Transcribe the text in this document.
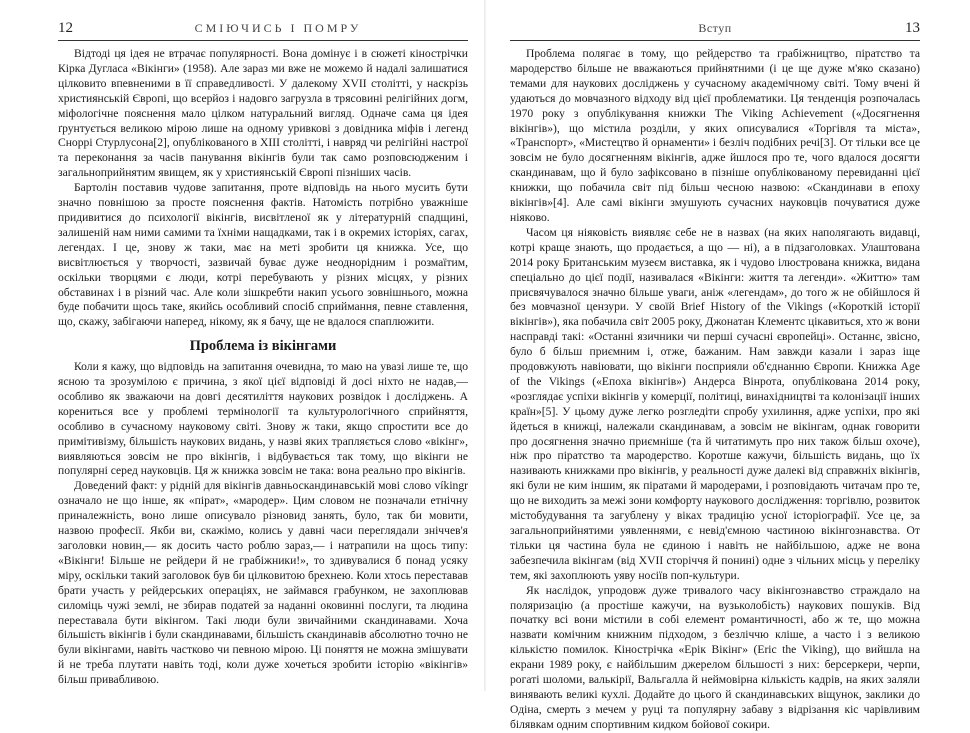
12	СМІЮЧИСЬ І ПОМРУ

Відтоді ця ідея не втрачає популярності. Вона домінує і в сюжеті кінострічки Кірка Дугласа «Вікінги» (1958). Але зараз ми вже не можемо й надалі залишатися цілковито впевненими в її справедливості. У далекому XVII столітті, у наскрізь християнській Європі, що всерйоз і надовго загрузла в трясовині релігійних догм, міфологічне пояснення мало цілком натуральний вигляд. Одначе сама ця ідея ґрунтується великою мірою лише на одному уривкові з довідника міфів і легенд Сноррі Стурлусона[2], опублікованого в XIII столітті, і навряд чи релігійні настрої та переконання за часів панування вікінгів були так само розповсюдженим і загальноприйнятим явищем, як у християнській Європі пізніших часів.

Бартолін поставив чудове запитання, проте відповідь на нього мусить бути значно повнішою за просте пояснення фактів. Натомість потрібно уважніше придивитися до психології вікінгів, висвітленої як у літературній спадщині, залишеній нам ними самими та їхніми нащадками, так і в окремих історіях, сагах, легендах. І це, знову ж таки, має на меті зробити ця книжка. Усе, що висвітлюється у творчості, зазвичай буває дуже неоднорідним і розмаїтим, оскільки творцями є люди, котрі перебувають у різних місцях, у різних обставинах і в різний час. Але коли зішкребти накип усього зовнішнього, можна буде побачити щось таке, якийсь особливий спосіб сприймання, певне ставлення, що, скажу, забігаючи наперед, нікому, як я бачу, ще не вдалося спаплюжити.

Проблема із вікінгами

Коли я кажу, що відповідь на запитання очевидна, то маю на увазі лише те, що ясною та зрозумілою є причина, з якої цієї відповіді й досі ніхто не надав,— особливо як зважаючи на довгі десятиліття наукових розвідок і досліджень. А корениться все у проблемі термінології та культурологічного сприйняття, особливо в сучасному науковому світі. Знову ж таки, якщо спростити все до примітивізму, більшість наукових видань, у назві яких трапляється слово «вікінг», виявляються зовсім не про вікінгів, і відбувається так тому, що вікінги не популярні серед науковців. Ця ж книжка зовсім не така: вона реально про вікінгів.

Доведений факт: у рідній для вікінгів давньоскандинавській мові слово víkingr означало не що інше, як «пірат», «мародер». Цим словом не позначали етнічну приналежність, воно лише описувало різновид занять, було, так би мовити, назвою професії. Якби ви, скажімо, колись у давні часи переглядали зніччев'я заголовки новин,— як досить часто роблю зараз,— і натрапили на щось типу: «Вікінги! Більше не рейдери й не грабіжники!», то здивувалися б понад усяку міру, оскільки такий заголовок був би цілковитою брехнею. Коли хтось переставав брати участь у рейдерських операціях, не займався грабунком, не захоплював силоміць чужі землі, не збирав податей за наданні оковинні послуги, та людина переставала бути вікінгом. Такі люди були звичайними скандинавами. Хоча більшість вікінгів і були скандинавами, більшість скандинавів абсолютно точно не були вікінгами, навіть частково чи певною мірою. Ці поняття не можна змішувати й не треба плутати навіть тоді, коли дуже хочеться зробити історію «вікінгів» більш привабливою.

Вступ	13

Проблема полягає в тому, що рейдерство та грабіжництво, піратство та мародерство більше не вважаються прийнятними (і це ще дуже м'яко сказано) темами для наукових досліджень у сучасному академічному світі. Тому вчені й удаються до мовчазного відходу від цієї проблематики. Ця тенденція розпочалась 1970 року з опублікування книжки The Viking Achievement («Досягнення вікінгів»), що містила розділи, у яких описувалися «Торгівля та міста», «Транспорт», «Мистецтво й орнаменти» і безліч подібних речі[3]. От тільки все це зовсім не було досягненням вікінгів, адже йшлося про те, чого вдалося досягти скандинавам, що й було зафіксовано в пізніше опублікованому перевиданні цієї книжки, що побачила світ під більш чесною назвою: «Скандинави в епоху вікінгів»[4]. Але самі вікінги змушують сучасних науковців почуватися дуже ніяково.

Часом ця ніяковість виявляє себе не в назвах (на яких наполягають видавці, котрі краще знають, що продається, а що — ні), а в підзаголовках. Улаштована 2014 року Британським музеєм виставка, як і чудово ілюстрована книжка, видана спеціально до цієї події, називалася «Вікінги: життя та легенди». «Життю» там присвячувалося значно більше уваги, аніж «легендам», до того ж не обійшлося й без мовчазної цензури. У своїй Brief History of the Vikings («Короткій історії вікінгів»), яка побачила світ 2005 року, Джонатан Клементс цікавиться, хто ж вони насправді такі: «Останні язичники чи перші сучасні європейці». Останнє, звісно, було б більш приємним і, отже, бажаним. Нам завжди казали і зараз іще продовжують навіювати, що вікінги посприяли об'єднанню Європи. Книжка Age of the Vikings («Епоха вікінгів») Андерса Вінрота, опублікована 2014 року, «розглядає успіхи вікінгів у комерції, політиці, винахідництві та колонізації інших країн»[5]. У цьому дуже легко розгледіти спробу ухилиння, адже успіхи, про які йдеться в книжці, належали скандинавам, а зовсім не вікінгам, однак говорити про досягнення значно приємніше (та й читатимуть про них також більш охоче), ніж про піратство та мародерство. Коротше кажучи, більшість видань, що їх називають книжками про вікінгів, у реальності дуже далекі від справжніх вікінгів, які були не ким іншим, як піратами й мародерами, і розповідають читачам про те, що не виходить за межі зони комфорту наукового дослідження: торгівлю, розвиток містобудування та загублену у віках традицію усної історіографії. Усе це, за загальноприйнятими уявленнями, є невід'ємною частиною вікінгознавства. От тільки ця частина була не єдиною і навіть не найбільшою, адже не вона забезпечила вікінгам (від XVII сторіччя й понині) одне з чільних місць у переліку тем, які захоплюють уяву носіїв поп-культури.

Як наслідок, упродовж дуже тривалого часу вікінгознавство страждало на поляризацію (а простіше кажучи, на вузьколобість) наукових пошуків. Від початку всі вони містили в собі елемент романтичності, або ж те, що можна назвати комічним книжним підходом, з безліччю кліше, а часто і з великою кількістю помилок. Кінострічка «Ерік Вікінг» (Eric the Viking), що вийшла на екрани 1989 року, є найбільшим джерелом більшості з них: берсеркери, черпи, рогаті шоломи, валькірії, Вальгалла й неймовірна кількість кадрів, на яких заляли винявають великі кухлі. Додайте до цього й скандинавських віщунок, заклики до Одіна, смерть з мечем у руці та популярну забаву з відрізання кіс чарівливим білявкам одним спортивним кидком бойової сокири.
